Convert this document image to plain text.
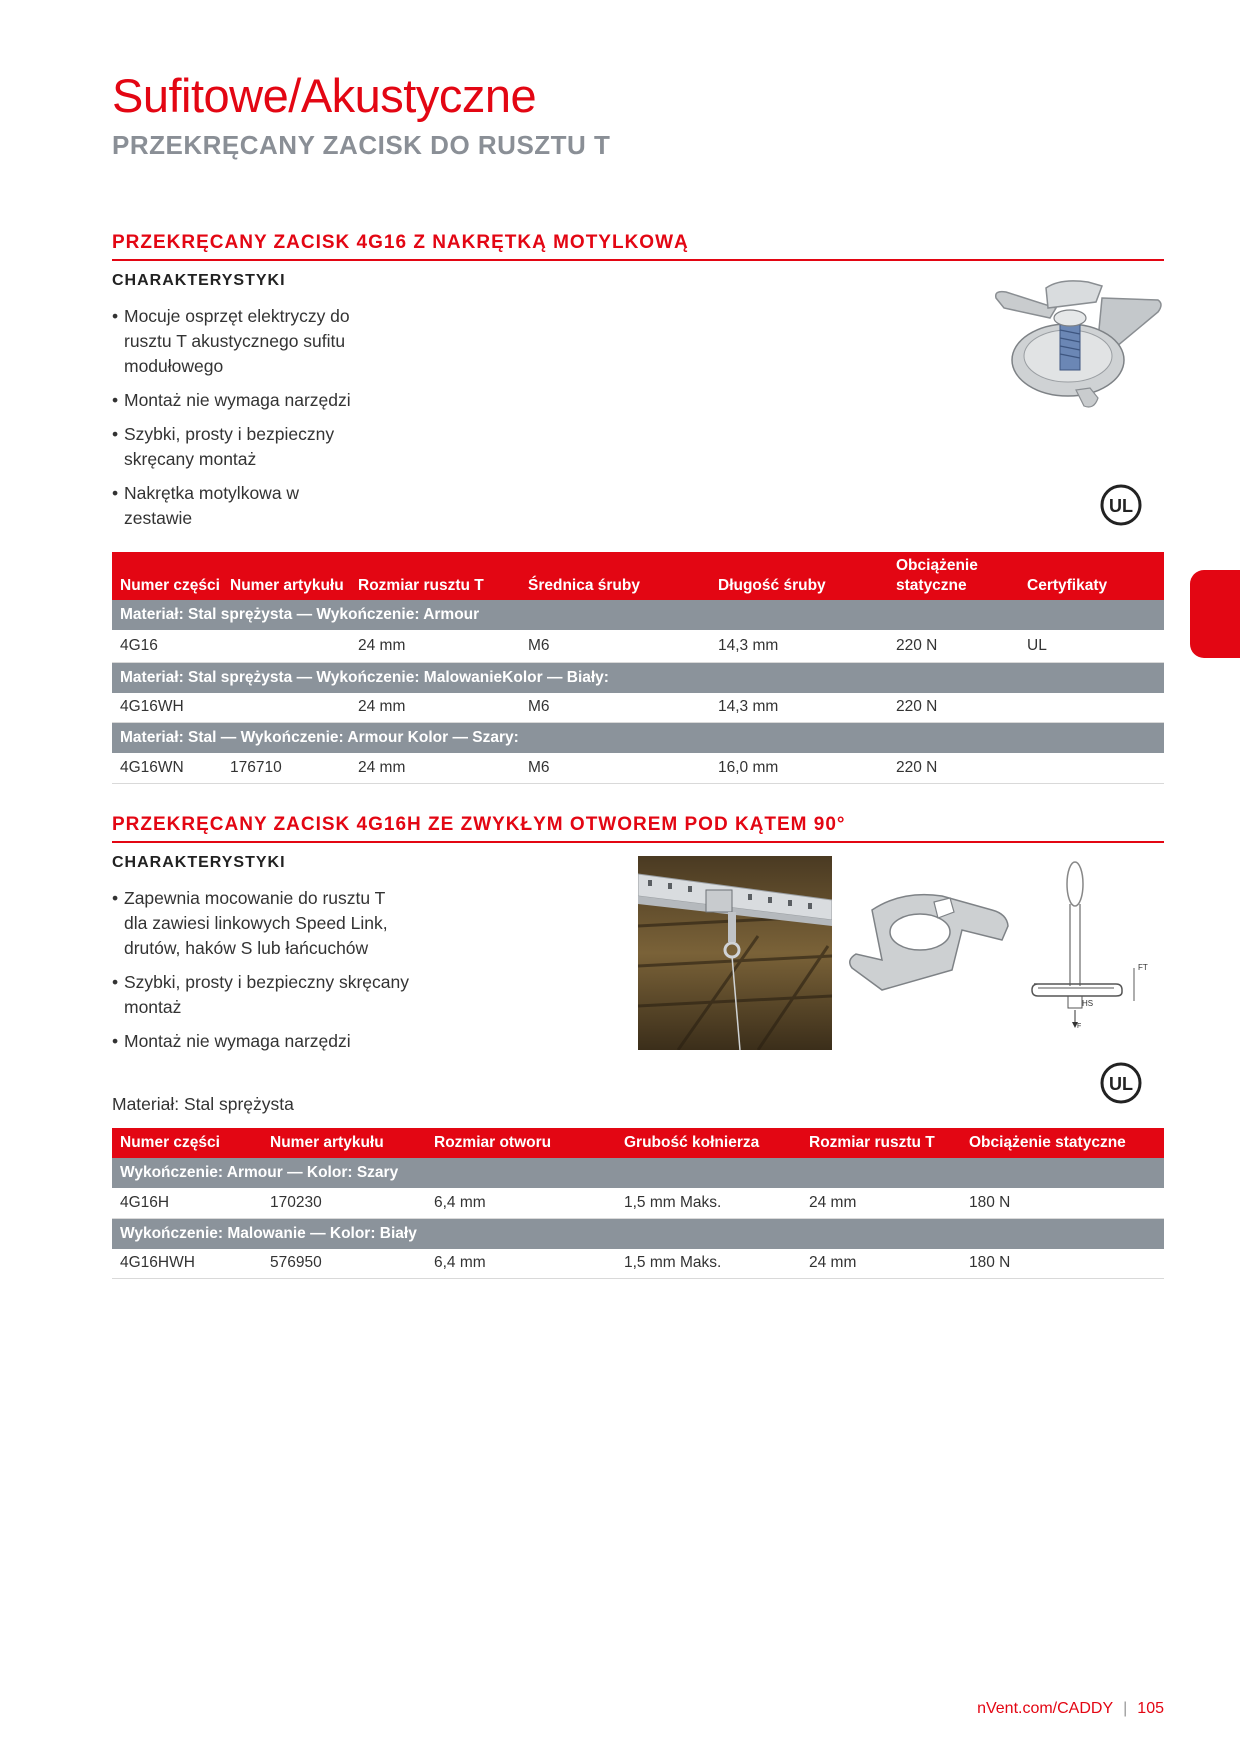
Sufitowe/Akustyczne
PRZEKRĘCANY ZACISK DO RUSZTU T
PRZEKRĘCANY ZACISK 4G16 Z NAKRĘTKĄ MOTYLKOWĄ
CHARAKTERYSTYKI
• Mocuje osprzęt elektryczy do rusztu T akustycznego sufitu modułowego
• Montaż nie wymaga narzędzi
• Szybki, prosty i bezpieczny skręcany montaż
• Nakrętka motylkowa w zestawie
UL
Numer części	Numer artykułu	Rozmiar rusztu T	Średnica śruby	Długość śruby	Obciążenie statyczne	Certyfikaty
Materiał: Stal sprężysta — Wykończenie: Armour						
4G16		24 mm	M6	14,3 mm	220 N	UL
Materiał: Stal sprężysta — Wykończenie: MalowanieKolor — Biały:						
4G16WH		24 mm	M6	14,3 mm	220 N	
Materiał: Stal — Wykończenie: Armour Kolor — Szary:						
4G16WN	176710	24 mm	M6	16,0 mm	220 N	
PRZEKRĘCANY ZACISK 4G16H ZE ZWYKŁYM OTWOREM POD KĄTEM 90°
CHARAKTERYSTYKI
• Zapewnia mocowanie do rusztu T dla zawiesi linkowych Speed Link, drutów, haków S lub łańcuchów
• Szybki, prosty i bezpieczny skręcany montaż
• Montaż nie wymaga narzędzi
FT
HS
F
UL
Materiał: Stal sprężysta
Numer części	Numer artykułu	Rozmiar otworu	Grubość kołnierza	Rozmiar rusztu T	Obciążenie statyczne
Wykończenie: Armour — Kolor: Szary					
4G16H	170230	6,4 mm	1,5 mm Maks.	24 mm	180 N
Wykończenie: Malowanie — Kolor: Biały					
4G16HWH	576950	6,4 mm	1,5 mm Maks.	24 mm	180 N
nVent.com/CADDY | 105
